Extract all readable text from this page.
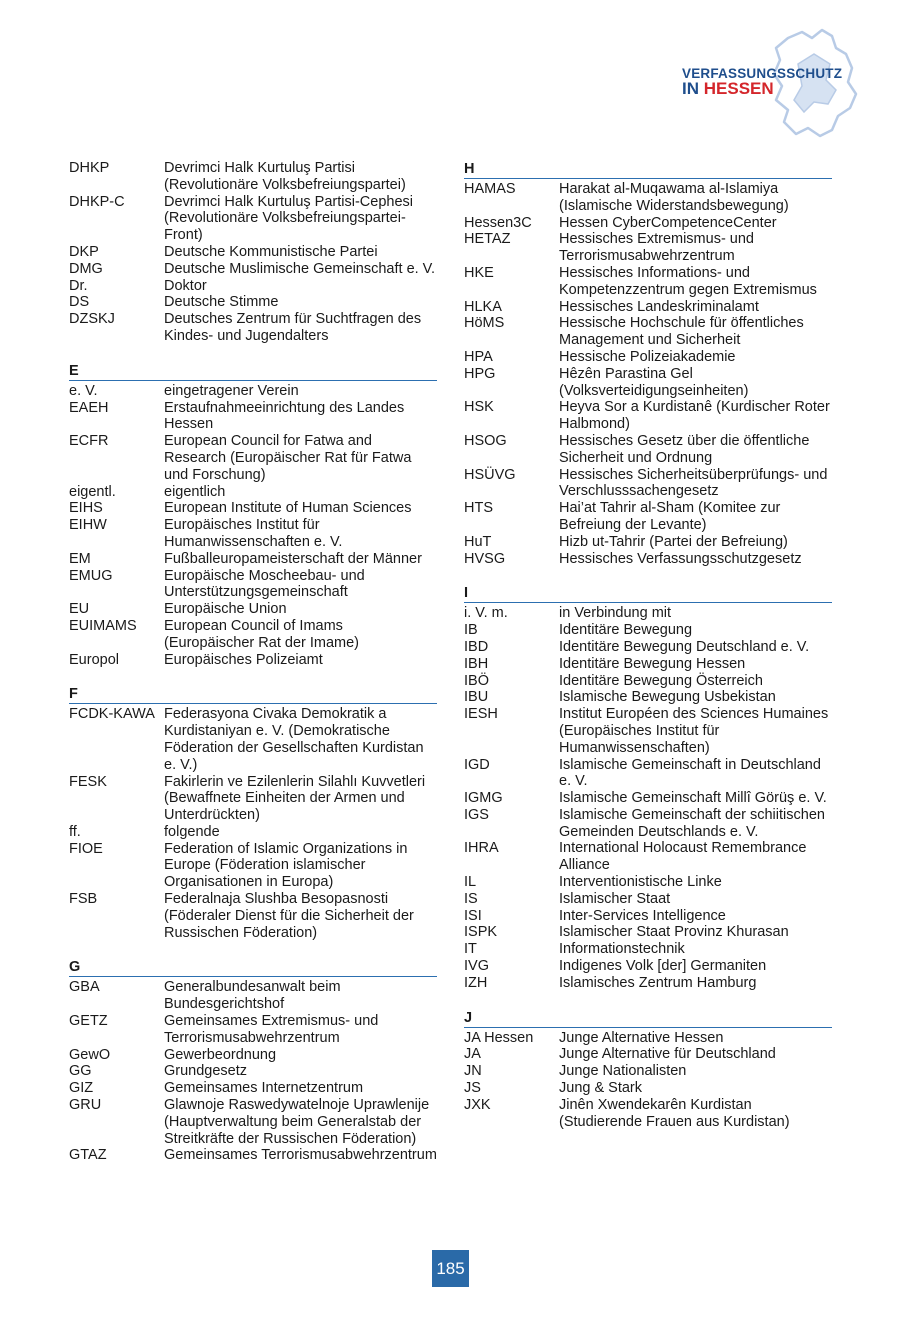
VERFASSUNGSSCHUTZ
IN HESSEN
DHKP	Devrimci Halk Kurtuluş Partisi (Revolutionäre Volksbefreiungspartei)
DHKP-C	Devrimci Halk Kurtuluş Partisi-Cephesi (Revolutionäre Volksbefreiungspartei-Front)
DKP	Deutsche Kommunistische Partei
DMG	Deutsche Muslimische Gemeinschaft e. V.
Dr.	Doktor
DS	Deutsche Stimme
DZSKJ	Deutsches Zentrum für Suchtfragen des Kindes- und Jugendalters
E
e. V.	eingetragener Verein
EAEH	Erstaufnahmeeinrichtung des Landes Hessen
ECFR	European Council for Fatwa and Research (Europäischer Rat für Fatwa und Forschung)
eigentl.	eigentlich
EIHS	European Institute of Human Sciences
EIHW	Europäisches Institut für Humanwissenschaften e. V.
EM	Fußballeuropameisterschaft der Männer
EMUG	Europäische Moscheebau- und Unterstützungsgemeinschaft
EU	Europäische Union
EUIMAMS	European Council of Imams (Europäischer Rat der Imame)
Europol	Europäisches Polizeiamt
F
FCDK-KAWA Federasyona Civaka Demokratik a Kurdistaniyan e. V. (Demokratische Föderation der Gesellschaften Kurdistan e. V.)
FESK	Fakirlerin ve Ezilenlerin Silahlı Kuvvetleri (Bewaffnete Einheiten der Armen und Unterdrückten)
ff.	folgende
FIOE	Federation of Islamic Organizations in Europe (Föderation islamischer Organisationen in Europa)
FSB	Federalnaja Slushba Besopasnosti (Föderaler Dienst für die Sicherheit der Russischen Föderation)
G
GBA	Generalbundesanwalt beim Bundesgerichtshof
GETZ	Gemeinsames Extremismus- und Terrorismusabwehrzentrum
GewO	Gewerbeordnung
GG	Grundgesetz
GIZ	Gemeinsames Internetzentrum
GRU	Glawnoje Raswedywatelnoje Uprawlenije (Hauptverwaltung beim Generalstab der Streitkräfte der Russischen Föderation)
GTAZ	Gemeinsames Terrorismusabwehrzentrum
H
HAMAS	Harakat al-Muqawama al-Islamiya (Islamische Widerstandsbewegung)
Hessen3C	Hessen CyberCompetenceCenter
HETAZ	Hessisches Extremismus- und Terrorismusabwehrzentrum
HKE	Hessisches Informations- und Kompetenzzentrum gegen Extremismus
HLKA	Hessisches Landeskriminalamt
HöMS	Hessische Hochschule für öffentliches Management und Sicherheit
HPA	Hessische Polizeiakademie
HPG	Hêzên Parastina Gel (Volksverteidigungseinheiten)
HSK	Heyva Sor a Kurdistanê (Kurdischer Roter Halbmond)
HSOG	Hessisches Gesetz über die öffentliche Sicherheit und Ordnung
HSÜVG	Hessisches Sicherheitsüberprüfungs- und Verschlusssachengesetz
HTS	Hai’at Tahrir al-Sham (Komitee zur Befreiung der Levante)
HuT	Hizb ut-Tahrir (Partei der Befreiung)
HVSG	Hessisches Verfassungsschutzgesetz
I
i. V. m.	in Verbindung mit
IB	Identitäre Bewegung
IBD	Identitäre Bewegung Deutschland e. V.
IBH	Identitäre Bewegung Hessen
IBÖ	Identitäre Bewegung Österreich
IBU	Islamische Bewegung Usbekistan
IESH	Institut Européen des Sciences Humaines (Europäisches Institut für Humanwissenschaften)
IGD	Islamische Gemeinschaft in Deutschland e. V.
IGMG	Islamische Gemeinschaft Millî Görüş e. V.
IGS	Islamische Gemeinschaft der schiitischen Gemeinden Deutschlands e. V.
IHRA	International Holocaust Remembrance Alliance
IL	Interventionistische Linke
IS	Islamischer Staat
ISI	Inter-Services Intelligence
ISPK	Islamischer Staat Provinz Khurasan
IT	Informationstechnik
IVG	Indigenes Volk [der] Germaniten
IZH	Islamisches Zentrum Hamburg
J
JA Hessen	Junge Alternative Hessen
JA	Junge Alternative für Deutschland
JN	Junge Nationalisten
JS	Jung & Stark
JXK	Jinên Xwendekarên Kurdistan (Studierende Frauen aus Kurdistan)
185
